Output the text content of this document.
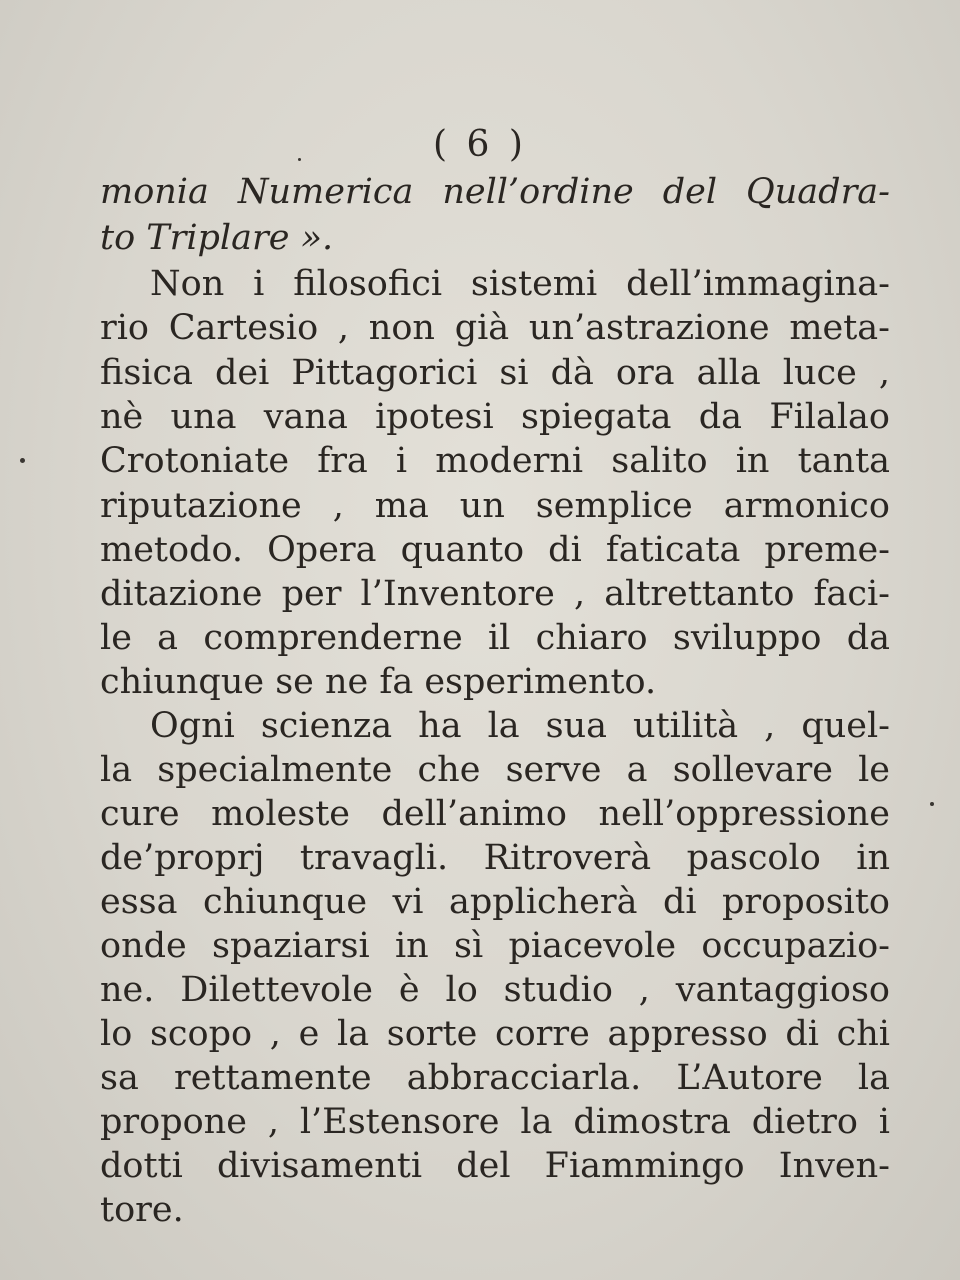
( 6 )
monia Numerica nell’ordine del Quadra-
to Triplare ».
Non i filosofici sistemi dell’immagina-
rio Cartesio , non già un’astrazione meta-
fisica dei Pittagorici si dà ora alla luce ,
nè una vana ipotesi spiegata da Filalao
Crotoniate fra i moderni salito in tanta
riputazione , ma un semplice armonico
metodo. Opera quanto di faticata preme-
ditazione per l’Inventore , altrettanto faci-
le a comprenderne il chiaro sviluppo da
chiunque se ne fa esperimento.
Ogni scienza ha la sua utilità , quel-
la specialmente che serve a sollevare le
cure moleste dell’animo nell’oppressione
de’proprj travagli. Ritroverà pascolo in
essa chiunque vi applicherà di proposito
onde spaziarsi in sì piacevole occupazio-
ne. Dilettevole è lo studio , vantaggioso
lo scopo , e la sorte corre appresso di chi
sa rettamente abbracciarla. L’Autore la
propone , l’Estensore la dimostra dietro i
dotti divisamenti del Fiammingo Inven-
tore.
